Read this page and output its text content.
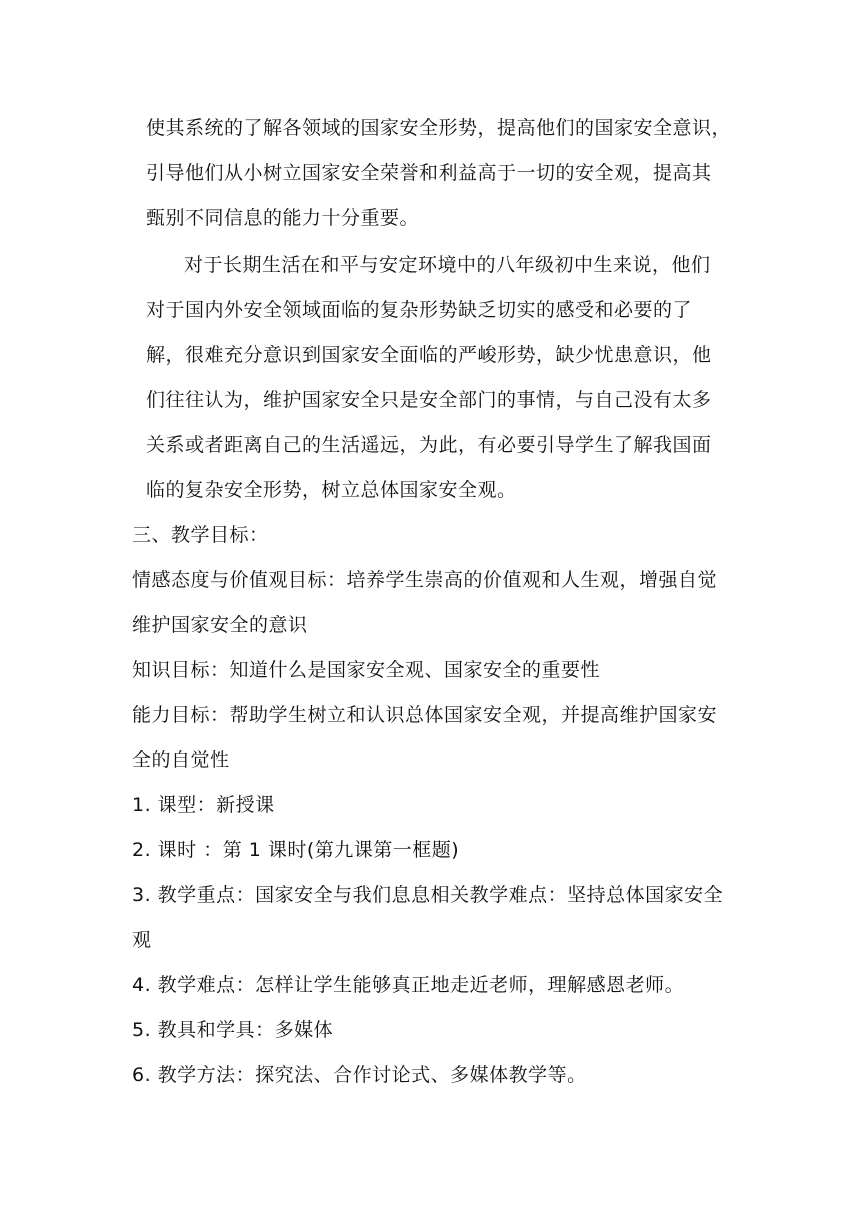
使其系统的了解各领域的国家安全形势，提高他们的国家安全意识，
引导他们从小树立国家安全荣誉和利益高于一切的安全观，提高其
甄别不同信息的能力十分重要。
对于长期生活在和平与安定环境中的八年级初中生来说，他们
对于国内外安全领域面临的复杂形势缺乏切实的感受和必要的了
解，很难充分意识到国家安全面临的严峻形势，缺少忧患意识，他
们往往认为，维护国家安全只是安全部门的事情，与自己没有太多
关系或者距离自己的生活遥远，为此，有必要引导学生了解我国面
临的复杂安全形势，树立总体国家安全观。
三、教学目标：
情感态度与价值观目标：培养学生崇高的价值观和人生观，增强自觉
维护国家安全的意识
知识目标：知道什么是国家安全观、国家安全的重要性
能力目标：帮助学生树立和认识总体国家安全观，并提高维护国家安
全的自觉性
1. 课型：新授课
2. 课时 ：第 1 课时(第九课第一框题)
3. 教学重点：国家安全与我们息息相关教学难点：坚持总体国家安全
观
4. 教学难点：怎样让学生能够真正地走近老师，理解感恩老师。
5. 教具和学具：多媒体
6. 教学方法：探究法、合作讨论式、多媒体教学等。
